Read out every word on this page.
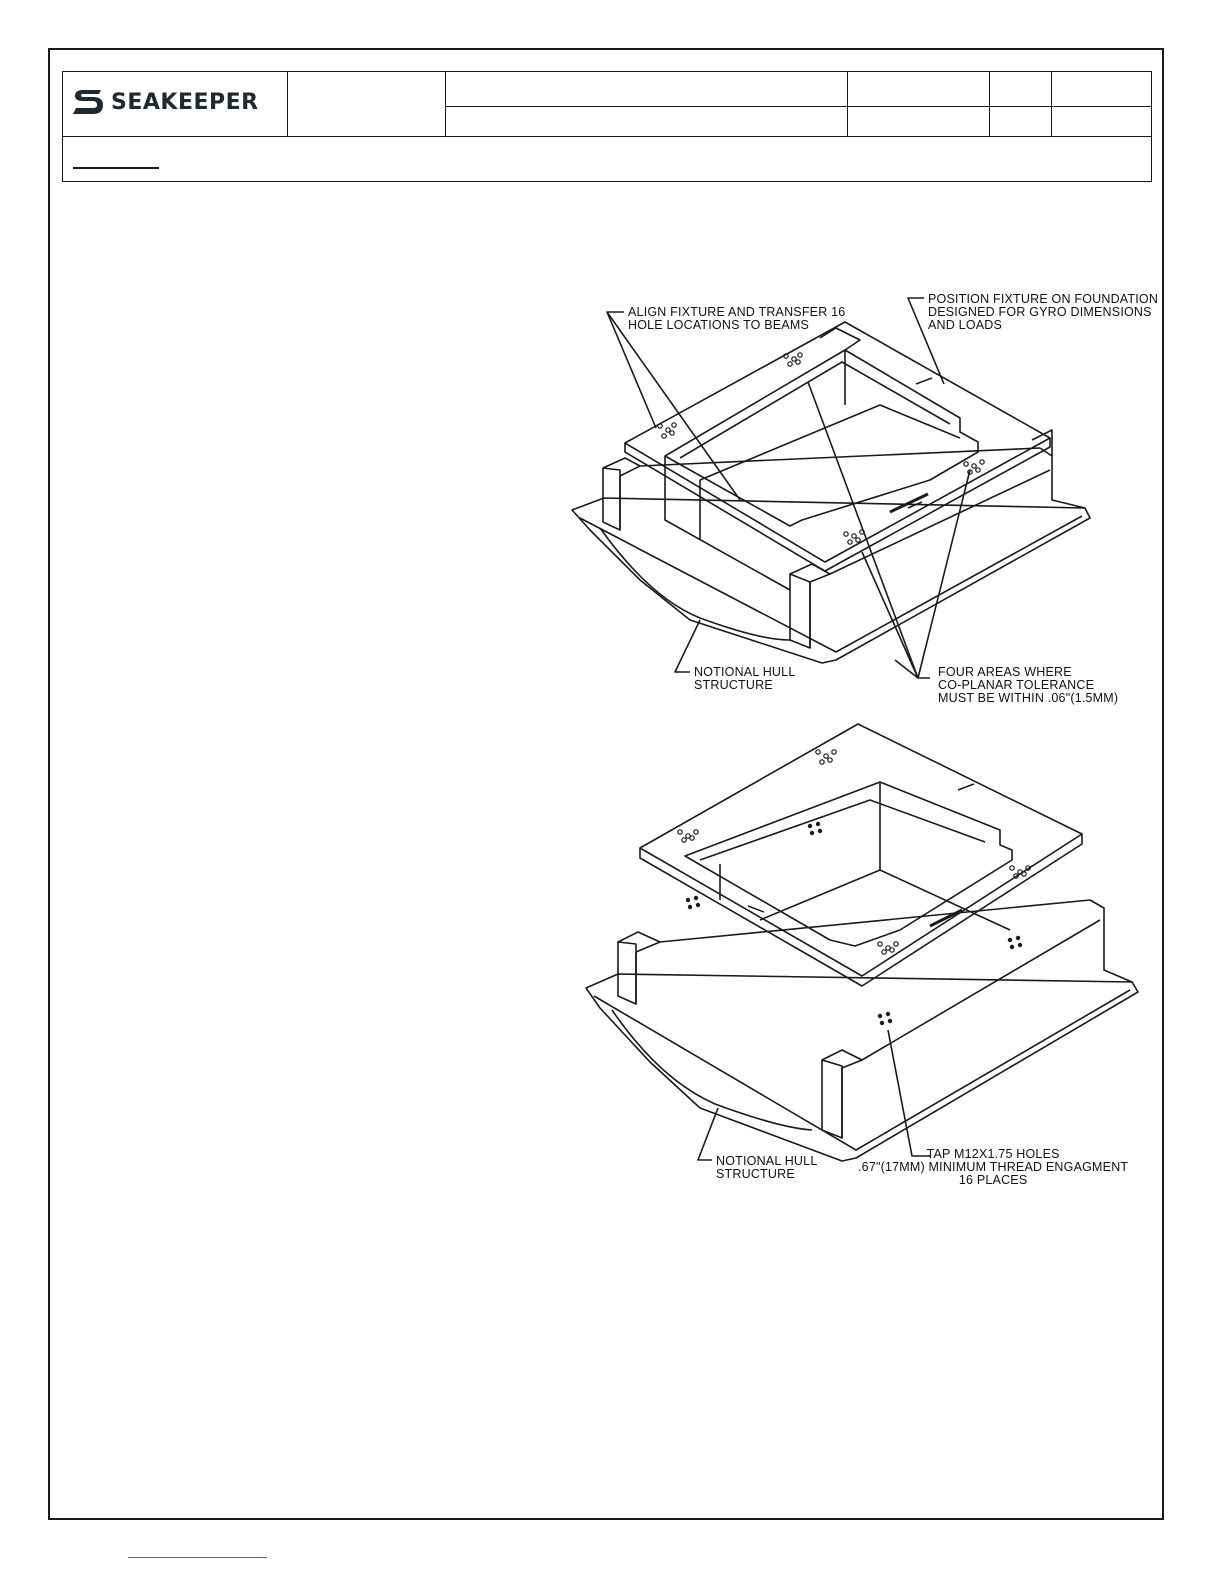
SEAKEEPER
ALIGN FIXTURE AND TRANSFER 16
HOLE LOCATIONS TO BEAMS
POSITION FIXTURE ON FOUNDATION
DESIGNED FOR GYRO DIMENSIONS
AND LOADS
NOTIONAL HULL
STRUCTURE
FOUR AREAS WHERE
CO-PLANAR TOLERANCE
MUST BE WITHIN .06"(1.5MM)
NOTIONAL HULL
STRUCTURE
TAP M12X1.75 HOLES
.67"(17MM) MINIMUM THREAD ENGAGMENT
16 PLACES
